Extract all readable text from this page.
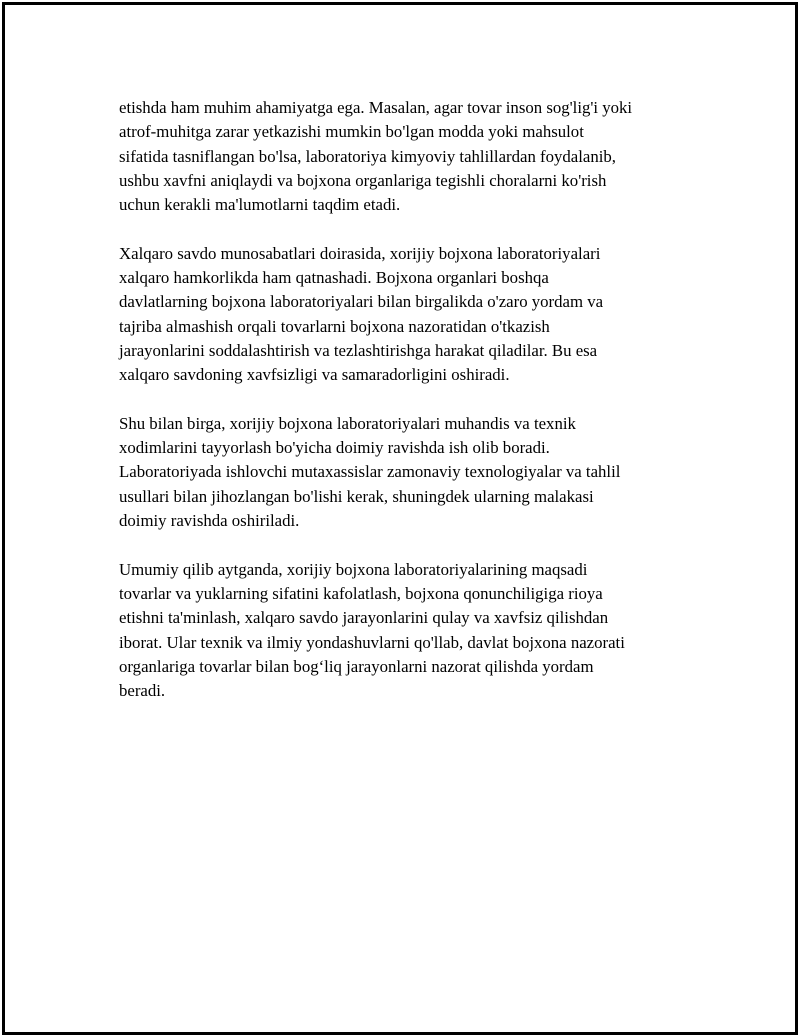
etishda ham muhim ahamiyatga ega. Masalan, agar tovar inson sog'lig'i yoki
atrof-muhitga zarar yetkazishi mumkin bo'lgan modda yoki mahsulot
sifatida tasniflangan bo'lsa, laboratoriya kimyoviy tahlillardan foydalanib,
ushbu xavfni aniqlaydi va bojxona organlariga tegishli choralarni ko'rish
uchun kerakli ma'lumotlarni taqdim etadi.
Xalqaro savdo munosabatlari doirasida, xorijiy bojxona laboratoriyalari
xalqaro hamkorlikda ham qatnashadi. Bojxona organlari boshqa
davlatlarning bojxona laboratoriyalari bilan birgalikda o'zaro yordam va
tajriba almashish orqali tovarlarni bojxona nazoratidan o'tkazish
jarayonlarini soddalashtirish va tezlashtirishga harakat qiladilar. Bu esa
xalqaro savdoning xavfsizligi va samaradorligini oshiradi.
Shu bilan birga, xorijiy bojxona laboratoriyalari muhandis va texnik
xodimlarini tayyorlash bo'yicha doimiy ravishda ish olib boradi.
Laboratoriyada ishlovchi mutaxassislar zamonaviy texnologiyalar va tahlil
usullari bilan jihozlangan bo'lishi kerak, shuningdek ularning malakasi
doimiy ravishda oshiriladi.
Umumiy qilib aytganda, xorijiy bojxona laboratoriyalarining maqsadi
tovarlar va yuklarning sifatini kafolatlash, bojxona qonunchiligiga rioya
etishni ta'minlash, xalqaro savdo jarayonlarini qulay va xavfsiz qilishdan
iborat. Ular texnik va ilmiy yondashuvlarni qo'llab, davlat bojxona nazorati
organlariga tovarlar bilan bog‘liq jarayonlarni nazorat qilishda yordam
beradi.
